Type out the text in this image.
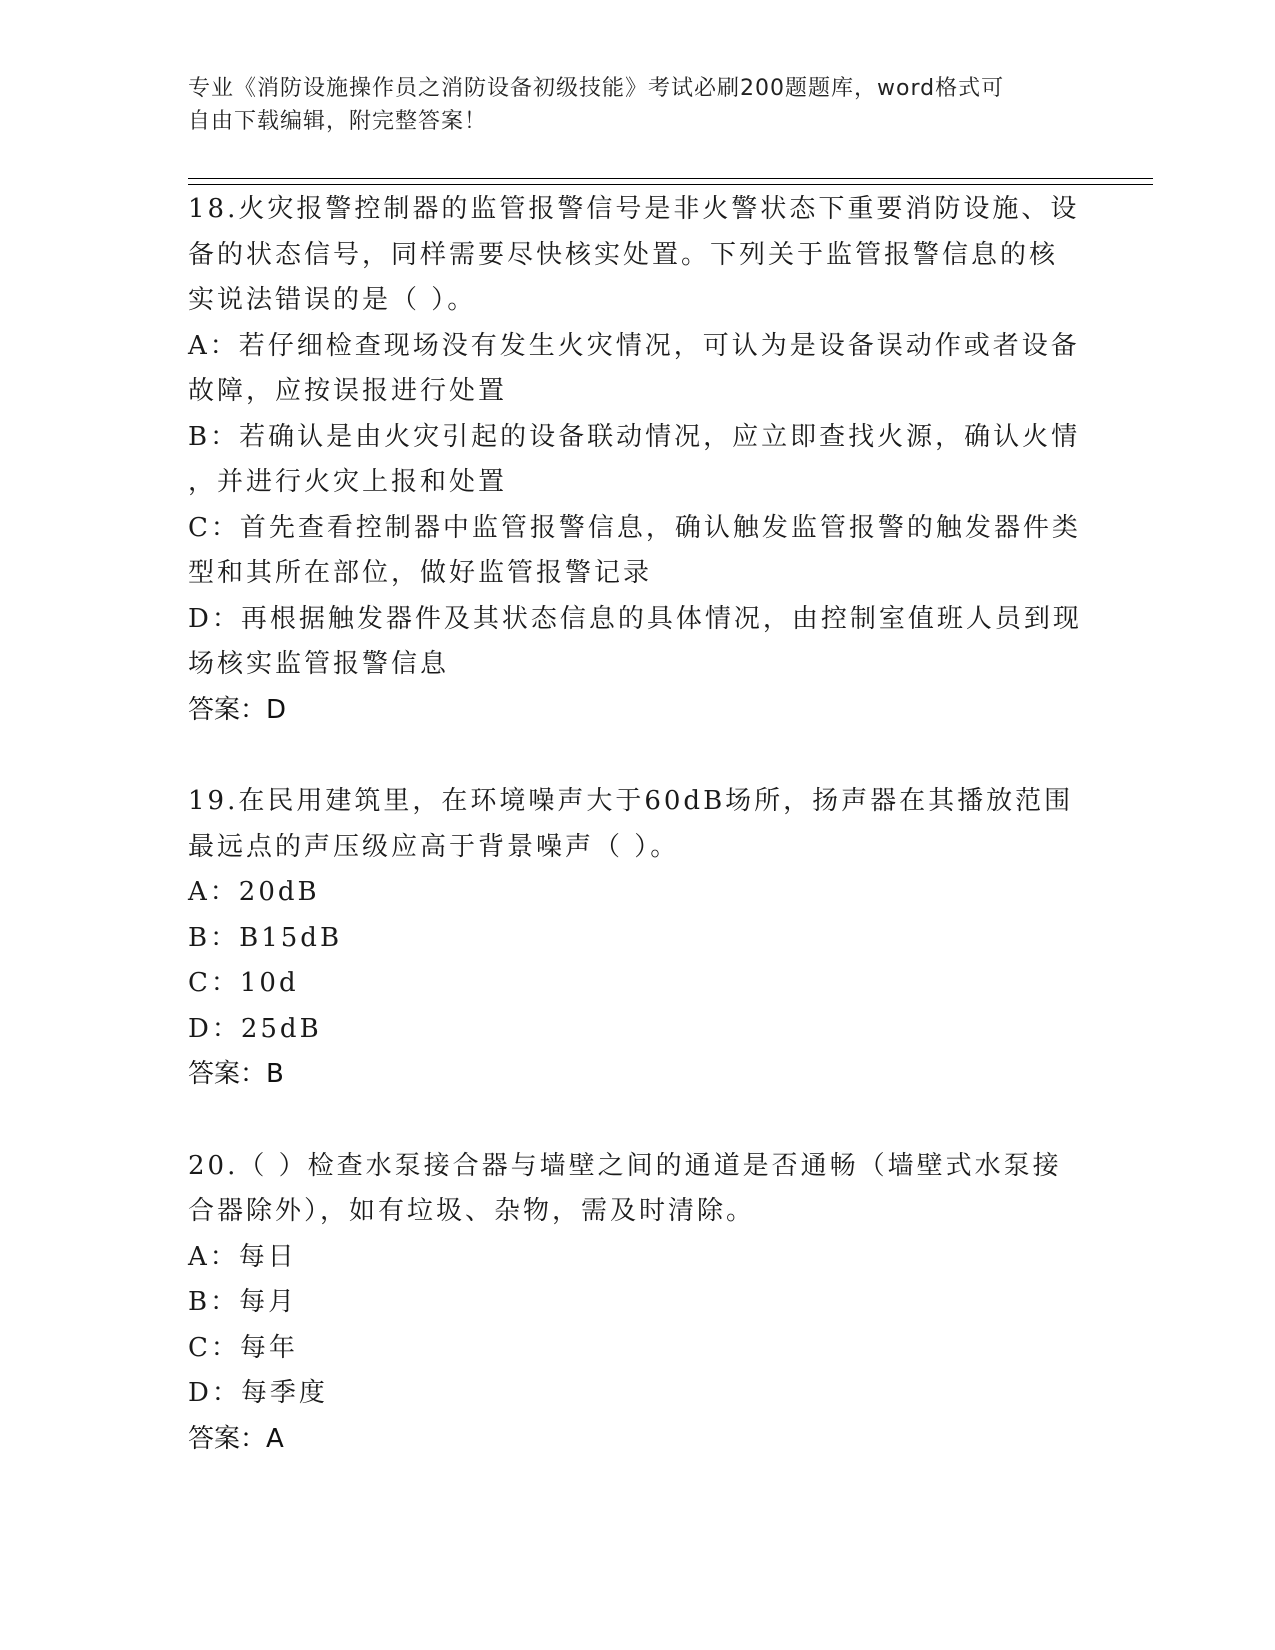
专业《消防设施操作员之消防设备初级技能》考试必刷200题题库，word格式可
自由下载编辑，附完整答案！
18.火灾报警控制器的监管报警信号是非火警状态下重要消防设施、设
备的状态信号，同样需要尽快核实处置。下列关于监管报警信息的核
实说法错误的是（ ）。
A：若仔细检查现场没有发生火灾情况，可认为是设备误动作或者设备
故障，应按误报进行处置
B：若确认是由火灾引起的设备联动情况，应立即查找火源，确认火情
，并进行火灾上报和处置
C：首先查看控制器中监管报警信息，确认触发监管报警的触发器件类
型和其所在部位，做好监管报警记录
D：再根据触发器件及其状态信息的具体情况，由控制室值班人员到现
场核实监管报警信息
答案：D
19.在民用建筑里，在环境噪声大于60dB场所，扬声器在其播放范围
最远点的声压级应高于背景噪声（ ）。
A：20dB
B：B15dB
C：10d
D：25dB
答案：B
20.（ ）检查水泵接合器与墙壁之间的通道是否通畅（墙壁式水泵接
合器除外），如有垃圾、杂物，需及时清除。
A：每日
B：每月
C：每年
D：每季度
答案：A
